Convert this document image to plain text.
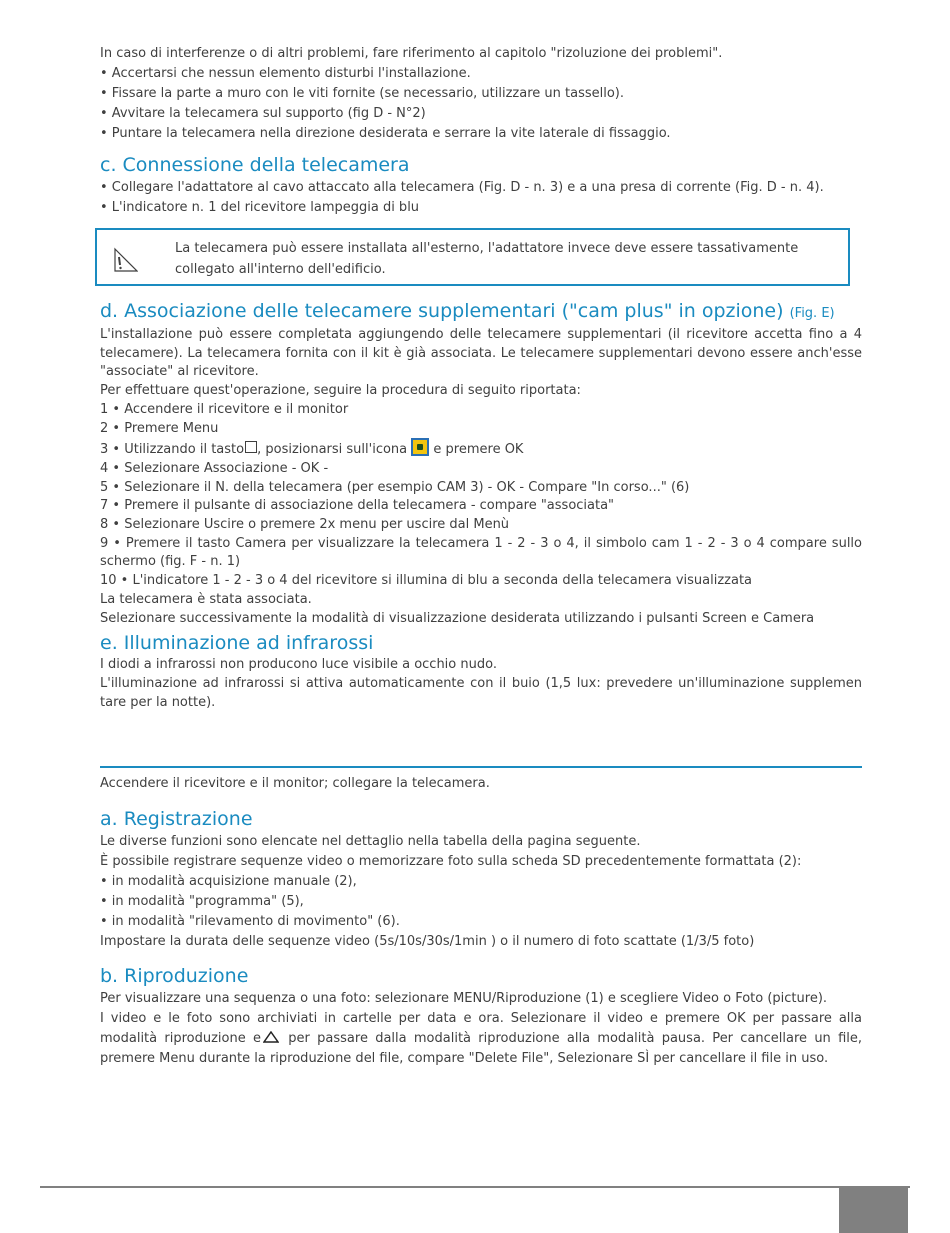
In caso di interferenze o di altri problemi, fare riferimento al capitolo "rizoluzione dei problemi".

• Accertarsi che nessun elemento disturbi l'installazione.

• Fissare la parte a muro con le viti fornite (se necessario, utilizzare un tassello).

• Avvitare la telecamera sul supporto (fig D - N°2)

• Puntare la telecamera nella direzione desiderata e serrare la vite laterale di fissaggio.

c. Connessione della telecamera

• Collegare l'adattatore al cavo attaccato alla telecamera (Fig. D - n. 3) e a una presa di corrente (Fig. D - n. 4).

• L'indicatore n. 1 del ricevitore lampeggia di blu

La telecamera può essere installata all'esterno, l'adattatore invece deve essere tassativamente

collegato all'interno dell'edificio.

d. Associazione delle telecamere supplementari ("cam plus" in opzione) (Fig. E)

L'installazione può essere completata aggiungendo delle telecamere supplementari (il ricevitore accetta fino a 4

telecamere). La telecamera fornita con il kit è già associata. Le telecamere supplementari devono essere anch'esse

"associate" al ricevitore.

Per effettuare quest'operazione, seguire la procedura di seguito riportata:

1 • Accendere il ricevitore e il monitor

2 • Premere Menu

3 • Utilizzando il tasto , posizionarsi sull'icona  e premere OK

4 • Selezionare Associazione - OK -

5 • Selezionare il N. della telecamera (per esempio CAM 3) - OK - Compare "In corso..." (6)

7 • Premere il pulsante di associazione della telecamera - compare "associata"

8 • Selezionare Uscire o premere 2x menu per uscire dal Menù

9 • Premere il tasto Camera per visualizzare la telecamera 1 - 2 - 3 o 4, il simbolo cam 1 - 2 - 3 o 4 compare sullo

schermo (fig. F - n. 1)

10 • L'indicatore 1 - 2 - 3 o 4 del ricevitore si illumina di blu a seconda della telecamera visualizzata

La telecamera è stata associata.

Selezionare successivamente la modalità di visualizzazione desiderata utilizzando i pulsanti Screen e Camera

e. Illuminazione ad infrarossi

I diodi a infrarossi non producono luce visibile a occhio nudo.

L'illuminazione ad infrarossi si attiva automaticamente con il buio (1,5 lux: prevedere un'illuminazione supplemen

tare per la notte).

Accendere il ricevitore e il monitor; collegare la telecamera.

a. Registrazione

Le diverse funzioni sono elencate nel dettaglio nella tabella della pagina seguente.

È possibile registrare sequenze video o memorizzare foto sulla scheda SD precedentemente formattata (2):

• in modalità acquisizione manuale (2),

• in modalità "programma" (5),

• in modalità "rilevamento di movimento" (6).

Impostare la durata delle sequenze video (5s/10s/30s/1min ) o il numero di foto scattate (1/3/5 foto)

b. Riproduzione

Per visualizzare una sequenza o una foto: selezionare MENU/Riproduzione (1) e scegliere Video o Foto (picture).

I video e le foto sono archiviati in cartelle per data e ora. Selezionare il video e premere OK per passare alla

modalità riproduzione e per passare dalla modalità riproduzione alla modalità pausa. Per cancellare un file,

premere Menu durante la riproduzione del file, compare "Delete File", Selezionare SÌ per cancellare il file in uso.
